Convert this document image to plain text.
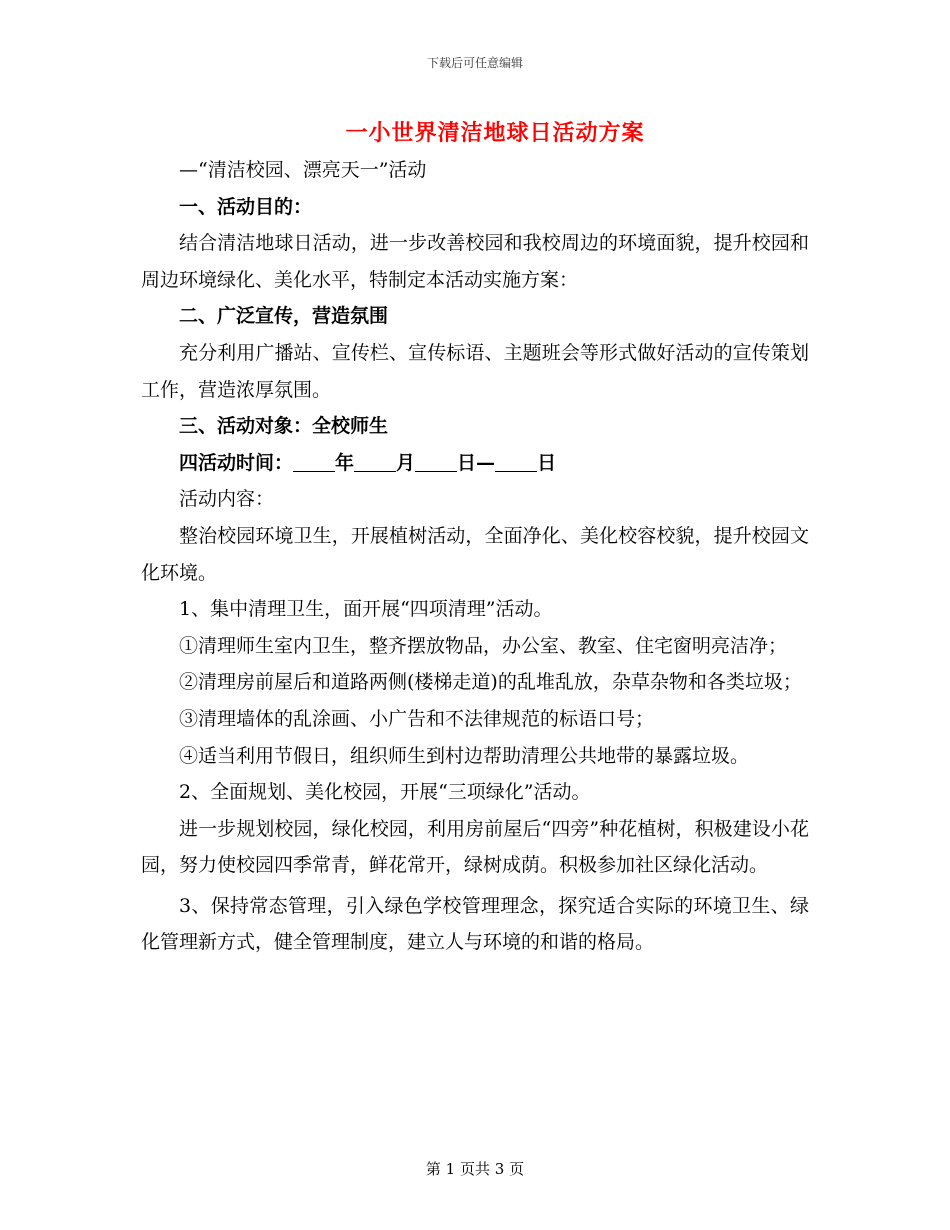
下载后可任意编辑
一小世界清洁地球日活动方案

—“清洁校园、漂亮天一”活动

一、活动目的：

结合清洁地球日活动，进一步改善校园和我校周边的环境面貌，提升校园和周边环境绿化、美化水平，特制定本活动实施方案：

二、广泛宣传，营造氛围

充分利用广播站、宣传栏、宣传标语、主题班会等形式做好活动的宣传策划工作，营造浓厚氛围。

三、活动对象：全校师生

四活动时间： 年 月 日— 日

活动内容：

整治校园环境卫生，开展植树活动，全面净化、美化校容校貌，提升校园文化环境。

1、集中清理卫生，面开展“四项清理”活动。

①清理师生室内卫生，整齐摆放物品，办公室、教室、住宅窗明亮洁净；

②清理房前屋后和道路两侧(楼梯走道)的乱堆乱放，杂草杂物和各类垃圾；

③清理墙体的乱涂画、小广告和不法律规范的标语口号；

④适当利用节假日，组织师生到村边帮助清理公共地带的暴露垃圾。

2、全面规划、美化校园，开展“三项绿化”活动。

进一步规划校园，绿化校园，利用房前屋后“四旁”种花植树，积极建设小花园，努力使校园四季常青，鲜花常开，绿树成荫。积极参加社区绿化活动。

3、保持常态管理，引入绿色学校管理理念，探究适合实际的环境卫生、绿化管理新方式，健全管理制度，建立人与环境的和谐的格局。

第 1 页共 3 页
